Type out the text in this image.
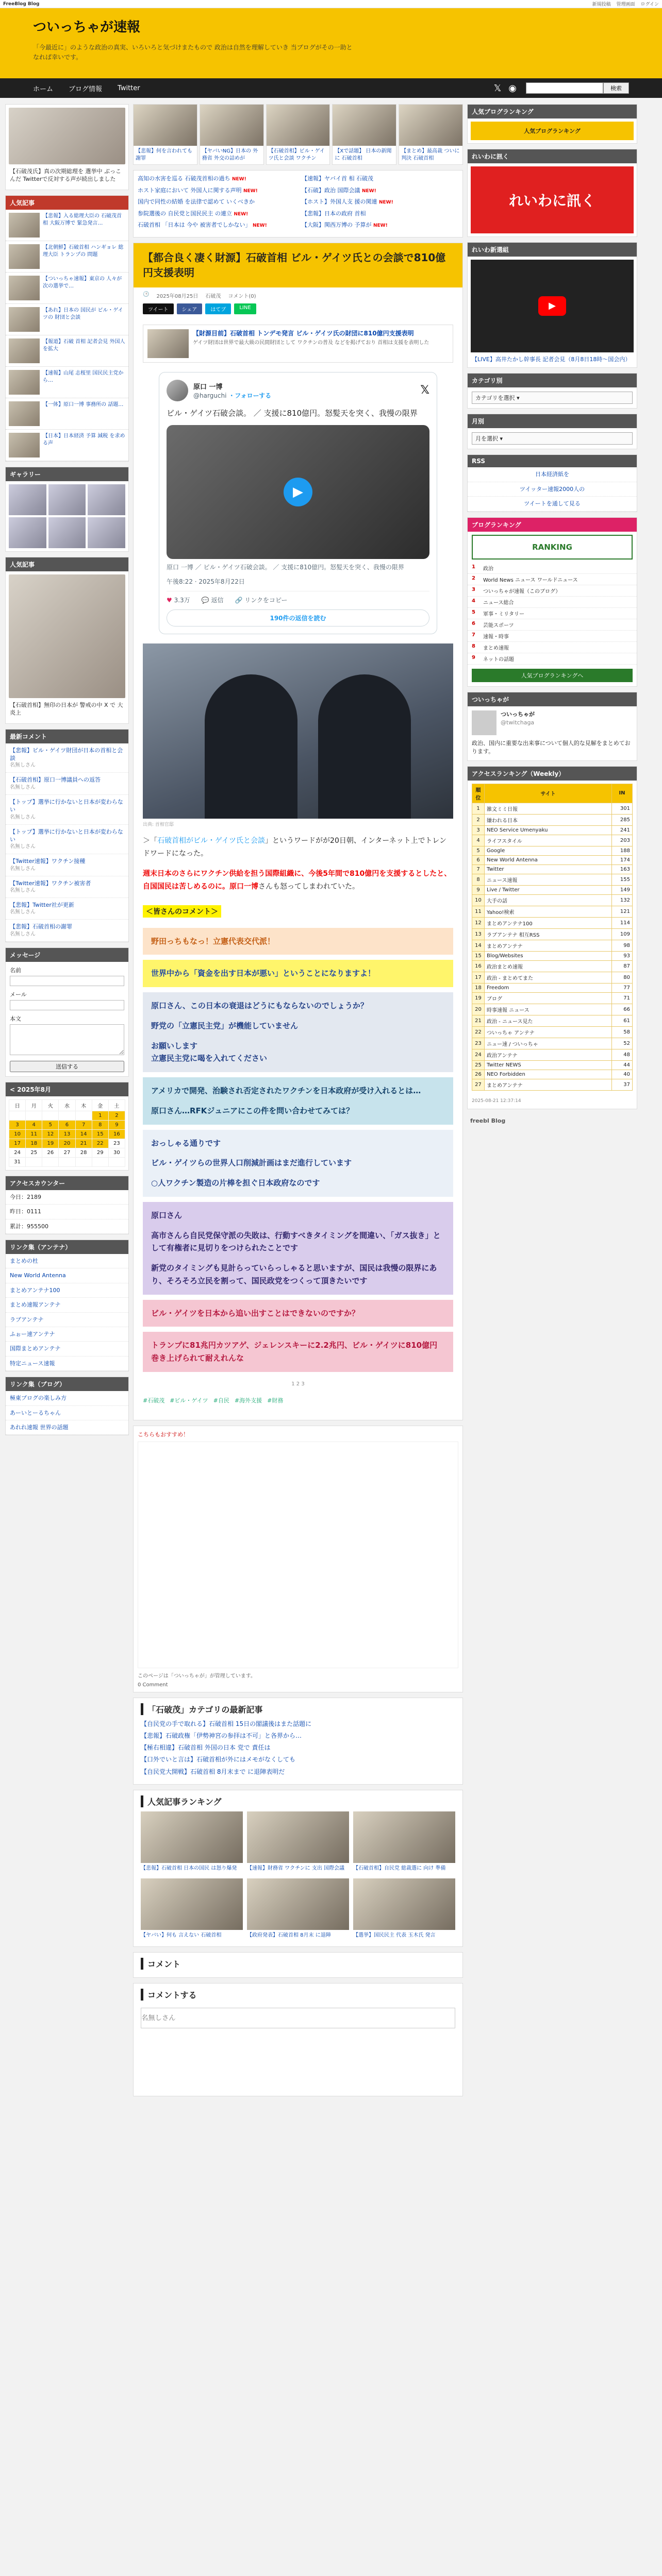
FreeBlog Blog	新規投稿 管理画面 ログイン
ついっちゃが速報
「今最近に」のような政治の真実、いろいろと気づけまたもので 政治は自然を理解していき 当ブログがその一助となれば幸いです。
ホーム ブログ情報 Twitter	𝕏 ◉	検索
【石破茂氏】真の次期総理を 選挙中 ぶっこんだ Twitterで反対する声が続出しました
人気記事
【悲報】入る総理大臣の 石破茂首相 大阪万博で 緊急発言…
【北朝鮮】石破首相 ハンギョレ 総理大臣 トランプの 問題
【ついっちゃ速報】東京の 人々が次の選挙で…
【あれ】日本の 国民が ビル・ゲイツの 財団と会談
【報道】石破 首相 記者会見 外国人 を拡大
【速報】山尾 志桜里 国民民主党から…
【一体】原口一博 事務所の 話題…
【日本】日本経済 予算 減税 を求める声
ギャラリー
人気記事
【石破首相】無印の日本が 警戒の中 X で 大炎上
最新コメント
【悲報】ビル・ゲイツ財団が日本の首相と会談
名無しさん
【石破首相】原口一博議員への返答
名無しさん
【トップ】選挙に行かないと日本が変わらない
名無しさん
【トップ】選挙に行かないと日本が変わらない
名無しさん
【Twitter速報】ワクチン接種
名無しさん
【Twitter速報】ワクチン被害者
名無しさん
【悲報】Twitter社が更新
名無しさん
【悲報】石破首相の謝罪
名無しさん
メッセージ
名前
メール
本文
送信する
< 2025年8月
日	月	火	水	木	金	土
					1	2
3	4	5	6	7	8	9
10	11	12	13	14	15	16
17	18	19	20	21	22	23
24	25	26	27	28	29	30
31						
アクセスカウンター
今日：2189
昨日：0111
累計：955500
リンク集（アンテナ）
まとめの杜
New World Antenna
まとめアンテナ100
まとめ速報アンテナ
ラブアンテナ
ふぉー速アンテナ
国際まとめアンテナ
特定ニュース速報
リンク集（ブログ）
極東ブログの楽しみ方
あーいとーるちゃん
あれれ速報 世界の話題
【悲報】何を言われても 謝罪
【ヤバいNG】日本の 外務省 外交の詰めが
【石破首相】ビル・ゲイツ氏と会談 ワクチン
【Xで話題】 日本の新聞に 石破首相
【まとめ】最高裁 ついに判決 石破首相
高知の水害を巡る 石破茂首相の過ち NEW!
ホスト家庭において 外国人に関する声明 NEW!
国内で同性の結婚 を法律で認めて いくべきか
参院選後の 自民党と国民民主 の連立 NEW!
石破首相 「日本は 今や 被害者でしかない」 NEW!
【速報】ヤバイ首 相 石破茂
【石破】政治 国際会議 NEW!
【ホスト】外国人支 援の関連 NEW!
【悲報】日本の政府 首相
【大阪】関西万博の 予算が NEW!
【都合良く凄く財源】石破首相 ビル・ゲイツ氏との会談で810億円支援表明
🕒 2025年08月25日 石破茂 コメント(0)
ツイート	シェア	はてブ	LINE
【財源目前】石破首相 トンデモ発言 ビル・ゲイツ氏の財団に810億円支援表明
ゲイツ財団は世界で最大級の民間財団として ワクチンの普及 などを掲げており 首相は支援を表明した
原口 一博
@harguchi ・フォローする	𝕏
ビル・ゲイツ石破会談。 ／ 支援に810億円。怒髪天を突く、我慢の限界
▶
原口 一博 ／ ビル・ゲイツ石破会談。 ／ 支援に810億円。怒髪天を突く、我慢の限界
午後8:22 · 2025年8月22日
♥ 3.3万 💬 返信 🔗 リンクをコピー
190件の返信を読む
出典: 首相官邸

＞「石破首相がビル・ゲイツ氏と会談」というワードがが20日朝、インターネット上でトレンドワードになった。

週末日本のさらにワクチン供給を担う国際組織に、今後5年間で810億円を支援するとしたと、自国国民は苦しめるのに。原口一博さんも怒ってしまわれていた。

＜皆さんのコメント＞

野田っちもなっ！立憲代表交代派！

世界中から「資金を出す日本が悪い」ということになりますよ！

原口さん、この日本の衰退はどうにもならないのでしょうか？

野党の「立憲民主党」が機能していません

お願いします
立憲民主党に喝を入れてください

アメリカで開発、治験され否定されたワクチンを日本政府が受け入れるとは…

原口さん…RFKジュニアにこの件を問い合わせてみては？

おっしゃる通りです

ビル・ゲイツらの世界人口削減計画はまだ進行しています

○人ワクチン製造の片棒を担ぐ日本政府なのです

原口さん

高市さんら自民党保守派の失敗は、行動すべきタイミングを間違い、「ガス抜き」として有権者に見切りをつけられたことです

新党のタイミングも見計らっていらっしゃると思いますが、国民は我慢の限界にあり、そろそろ立民を割って、国民政党をつくって頂きたいです

ビル・ゲイツを日本から追い出すことはできないのですか？

トランプに81兆円カツアゲ、ジェレンスキーに2.2兆円、ビル・ゲイツに810億円巻き上げられて耐えれんな

1 2 3
#石破茂 #ビル・ゲイツ #自民 #海外支援 #財務
こちらもおすすめ！
このページは「ついっちゃが」が管理しています。
0 Comment
「石破茂」カテゴリの最新記事
【自民党の手で取れる】石破首相 15日の閣議後はまた話題に
【悲報】石破政権「伊勢神宮の参拝は不可」と各界から…
【極右相違】石破首相 外国の日本 党で 責任は
【口外でいと言は】石破首相が外にはメモがなくしても
【自民党大開戦】石破首相 8月末まで に退陣表明だ
人気記事ランキング
【悲報】石破首相 日本の国民 は怒り爆発	【速報】財務省 ワクチンに 支出 国際会議	【石破首相】自民党 総裁選に 向け 準備
【ヤバい】何も 言えない 石破首相	【政府発表】石破首相 8月末 に退陣	【選挙】国民民主 代表 玉木氏 発言
コメント
コメントする
名無しさん
人気ブログランキング
人気ブログランキング
れいわに訊く
れいわに訊く
れいわ新選組
▶
【LIVE】高井たかし幹事長 記者会見（8月8日18時～国会内）
カテゴリ別
カテゴリを選択 ▾
月別
月を選択 ▾
RSS
日本経済紙を
ツイッター速報2000人の
ツイートを通して見る
ブログランキング
RANKING
1	政治
2	World News ニュース ワールドニュース
3	ついっちゃが速報（このブログ）
4	ニュース総合
5	軍事・ミリタリー
6	芸能スポーツ
7	速報・時事
8	まとめ速報
9	ネットの話題
人気ブログランキングへ
ついっちゃが
ついっちゃが
@twitchaga
政治、国内に重要な出来事について個人的な見解をまとめております。
アクセスランキング（Weekly）
順位	サイト	IN
1	雑文ミミ日報	301
2	嫌われる日本	285
3	NEO Service Umenyaku	241
4	ライフスタイル	203
5	Google	188
6	New World Antenna	174
7	Twitter	163
8	ニュース速報	155
9	Live / Twitter	149
10	大手の話	132
11	Yahoo!検索	121
12	まとめアンテナ100	114
13	ラブアンテナ 相互RSS	109
14	まとめアンテナ	98
15	Blog/Websites	93
16	政治まとめ速報	87
17	政治 - まとめてまた	80
18	Freedom	77
19	ブログ	71
20	時事速報 ニュース	66
21	政治 - ニュース見た	61
22	ついっちゃ アンテナ	58
23	ニュー速 / ついっちゃ	52
24	政治アンテナ	48
25	Twitter NEWS	44
26	NEO Forbidden	40
27	まとめアンテナ	37
2025-08-21 12:37:14
freebl Blog
